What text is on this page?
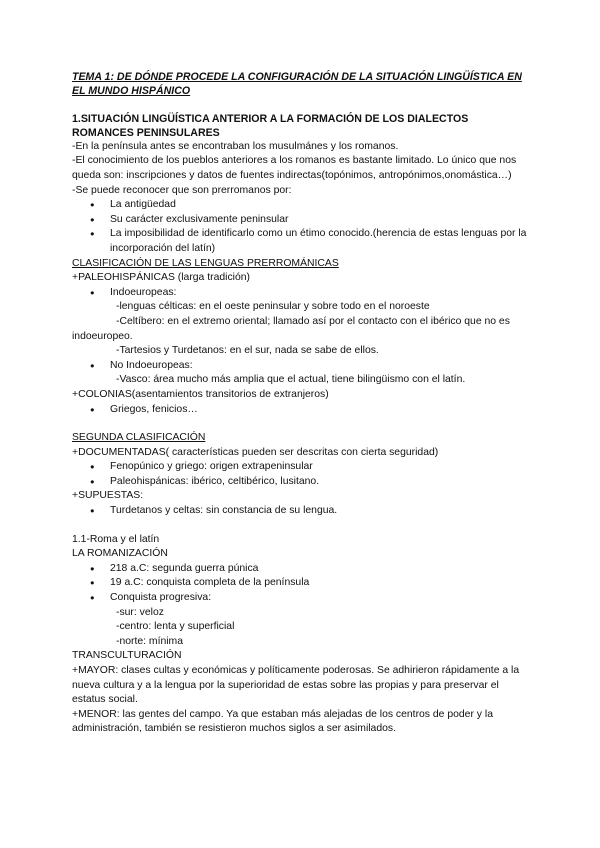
TEMA 1: DE DÓNDE PROCEDE LA CONFIGURACIÓN DE LA SITUACIÓN LINGÜÍSTICA EN EL MUNDO HISPÁNICO
1.SITUACIÓN LINGÜÍSTICA ANTERIOR A LA FORMACIÓN DE LOS DIALECTOS ROMANCES PENINSULARES

-En la península antes se encontraban los musulmánes y los romanos.

-El conocimiento de los pueblos anteriores a los romanos es bastante limitado. Lo único que nos queda son: inscripciones y datos de fuentes indirectas(topónimos, antropónimos,onomástica…)

-Se puede reconocer que son prerromanos por:

● La antigüedad
● Su carácter exclusivamente peninsular
● La imposibilidad de identificarlo como un étimo conocido.(herencia de estas lenguas por la incorporación del latín)
CLASIFICACIÓN DE LAS LENGUAS PRERROMÁNICAS
+PALEOHISPÁNICAS (larga tradición)
● Indoeuropeas:
-lenguas célticas: en el oeste peninsular y sobre todo en el noroeste
-Celtíbero: en el extremo oriental; llamado así por el contacto con el ibérico que no es indoeuropeo.
-Tartesios y Turdetanos: en el sur, nada se sabe de ellos.
● No Indoeuropeas:
-Vasco: área mucho más amplia que el actual, tiene bilingüismo con el latín.
+COLONIAS(asentamientos transitorios de extranjeros)
● Griegos, fenicios…
SEGUNDA CLASIFICACIÓN
+DOCUMENTADAS( características pueden ser descritas con cierta seguridad)
● Fenopúnico y griego: origen extrapeninsular
● Paleohispánicas: ibérico, celtibérico, lusitano.
+SUPUESTAS:
● Turdetanos y celtas: sin constancia de su lengua.
1.1-Roma y el latín
LA ROMANIZACIÓN
● 218 a.C: segunda guerra púnica
● 19 a.C: conquista completa de la península
● Conquista progresiva:
-sur: veloz
-centro: lenta y superficial
-norte: mínima
TRANSCULTURACIÓN

+MAYOR: clases cultas y económicas y políticamente poderosas. Se adhirieron rápidamente a la nueva cultura y a la lengua por la superioridad de estas sobre las propias y para preservar el estatus social.

+MENOR: las gentes del campo. Ya que estaban más alejadas de los centros de poder y la administración, también se resistieron muchos siglos a ser asimilados.
